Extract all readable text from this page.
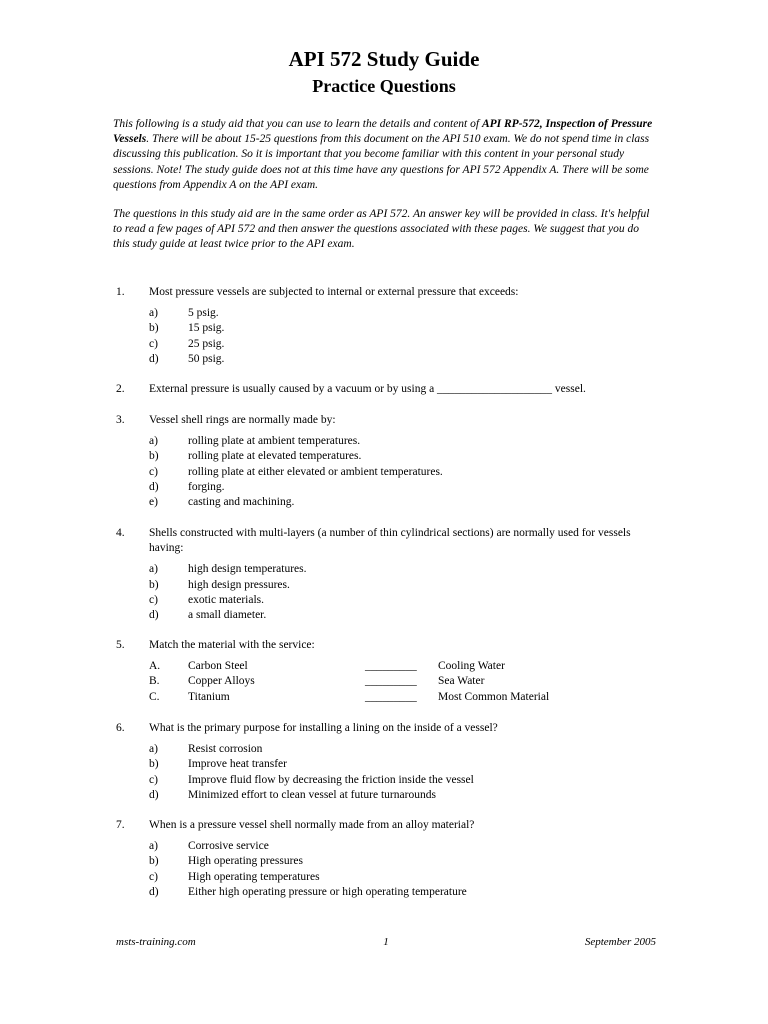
API 572 Study Guide
Practice Questions

This following is a study aid that you can use to learn the details and content of API RP-572, Inspection of Pressure Vessels. There will be about 15-25 questions from this document on the API 510 exam. We do not spend time in class discussing this publication. So it is important that you become familiar with this content in your personal study sessions. Note! The study guide does not at this time have any questions for API 572 Appendix A. There will be some questions from Appendix A on the API exam.

The questions in this study aid are in the same order as API 572. An answer key will be provided in class. It's helpful to read a few pages of API 572 and then answer the questions associated with these pages. We suggest that you do this study guide at least twice prior to the API exam.

1.	Most pressure vessels are subjected to internal or external pressure that exceeds:
a)	5 psig.
b)	15 psig.
c)	25 psig.
d)	50 psig.
2.	External pressure is usually caused by a vacuum or by using a ____________________ vessel.
3.	Vessel shell rings are normally made by:
a)	rolling plate at ambient temperatures.
b)	rolling plate at elevated temperatures.
c)	rolling plate at either elevated or ambient temperatures.
d)	forging.
e)	casting and machining.
4.	Shells constructed with multi-layers (a number of thin cylindrical sections) are normally used for vessels having:
a)	high design temperatures.
b)	high design pressures.
c)	exotic materials.
d)	a small diameter.
5.	Match the material with the service:
A.	Carbon Steel	_________	Cooling Water
B.	Copper Alloys	_________	Sea Water
C.	Titanium	_________	Most Common Material
6.	What is the primary purpose for installing a lining on the inside of a vessel?
a)	Resist corrosion
b)	Improve heat transfer
c)	Improve fluid flow by decreasing the friction inside the vessel
d)	Minimized effort to clean vessel at future turnarounds
7.	When is a pressure vessel shell normally made from an alloy material?
a)	Corrosive service
b)	High operating pressures
c)	High operating temperatures
d)	Either high operating pressure or high operating temperature
msts-training.com	1	September 2005
